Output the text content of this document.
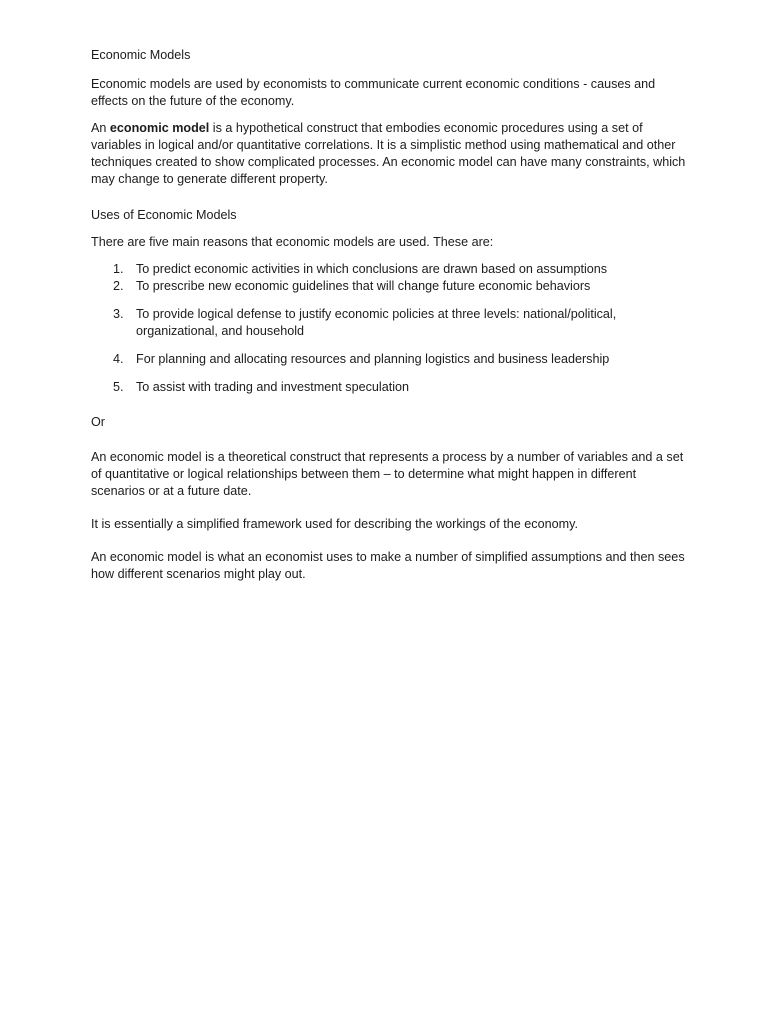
Economic Models

Economic models are used by economists to communicate current economic conditions - causes and effects on the future of the economy.

An economic model is a hypothetical construct that embodies economic procedures using a set of variables in logical and/or quantitative correlations. It is a simplistic method using mathematical and other techniques created to show complicated processes. An economic model can have many constraints, which may change to generate different property.

Uses of Economic Models

There are five main reasons that economic models are used. These are:

1. To predict economic activities in which conclusions are drawn based on assumptions
2. To prescribe new economic guidelines that will change future economic behaviors
3. To provide logical defense to justify economic policies at three levels: national/political, organizational, and household
4. For planning and allocating resources and planning logistics and business leadership
5. To assist with trading and investment speculation

Or

An economic model is a theoretical construct that represents a process by a number of variables and a set of quantitative or logical relationships between them – to determine what might happen in different scenarios or at a future date.

It is essentially a simplified framework used for describing the workings of the economy.

An economic model is what an economist uses to make a number of simplified assumptions and then sees how different scenarios might play out.
